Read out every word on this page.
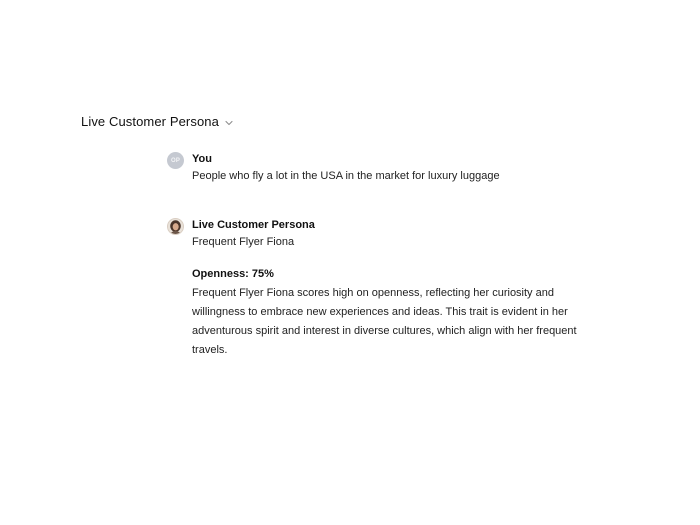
Live Customer Persona
OP	You
People who fly a lot in the USA in the market for luxury luggage
Live Customer Persona
Frequent Flyer Fiona
Openness: 75%
Frequent Flyer Fiona scores high on openness, reflecting her curiosity and willingness to embrace new experiences and ideas. This trait is evident in her adventurous spirit and interest in diverse cultures, which align with her frequent travels.
